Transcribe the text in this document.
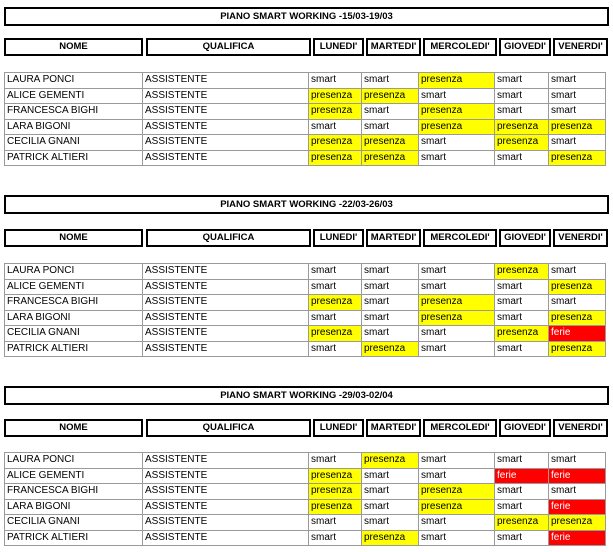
PIANO SMART WORKING -15/03-19/03
NOME	QUALIFICA	LUNEDI'	MARTEDI'	MERCOLEDI'	GIOVEDI'	VENERDI'
LAURA PONCI	ASSISTENTE	smart	smart	presenza	smart	smart
ALICE GEMENTI	ASSISTENTE	presenza	presenza	smart	smart	smart
FRANCESCA BIGHI	ASSISTENTE	presenza	smart	presenza	smart	smart
LARA BIGONI	ASSISTENTE	smart	smart	presenza	presenza	presenza
CECILIA GNANI	ASSISTENTE	presenza	presenza	smart	presenza	smart
PATRICK ALTIERI	ASSISTENTE	presenza	presenza	smart	smart	presenza
PIANO SMART WORKING -22/03-26/03
NOME	QUALIFICA	LUNEDI'	MARTEDI'	MERCOLEDI'	GIOVEDI'	VENERDI'
LAURA PONCI	ASSISTENTE	smart	smart	smart	presenza	smart
ALICE GEMENTI	ASSISTENTE	smart	smart	smart	smart	presenza
FRANCESCA BIGHI	ASSISTENTE	presenza	smart	presenza	smart	smart
LARA BIGONI	ASSISTENTE	smart	smart	presenza	smart	presenza
CECILIA GNANI	ASSISTENTE	presenza	smart	smart	presenza	ferie
PATRICK ALTIERI	ASSISTENTE	smart	presenza	smart	smart	presenza
PIANO SMART WORKING -29/03-02/04
NOME	QUALIFICA	LUNEDI'	MARTEDI'	MERCOLEDI'	GIOVEDI'	VENERDI'
LAURA PONCI	ASSISTENTE	smart	presenza	smart	smart	smart
ALICE GEMENTI	ASSISTENTE	presenza	smart	smart	ferie	ferie
FRANCESCA BIGHI	ASSISTENTE	presenza	smart	presenza	smart	smart
LARA BIGONI	ASSISTENTE	presenza	smart	presenza	smart	ferie
CECILIA GNANI	ASSISTENTE	smart	smart	smart	presenza	presenza
PATRICK ALTIERI	ASSISTENTE	smart	presenza	smart	smart	ferie
